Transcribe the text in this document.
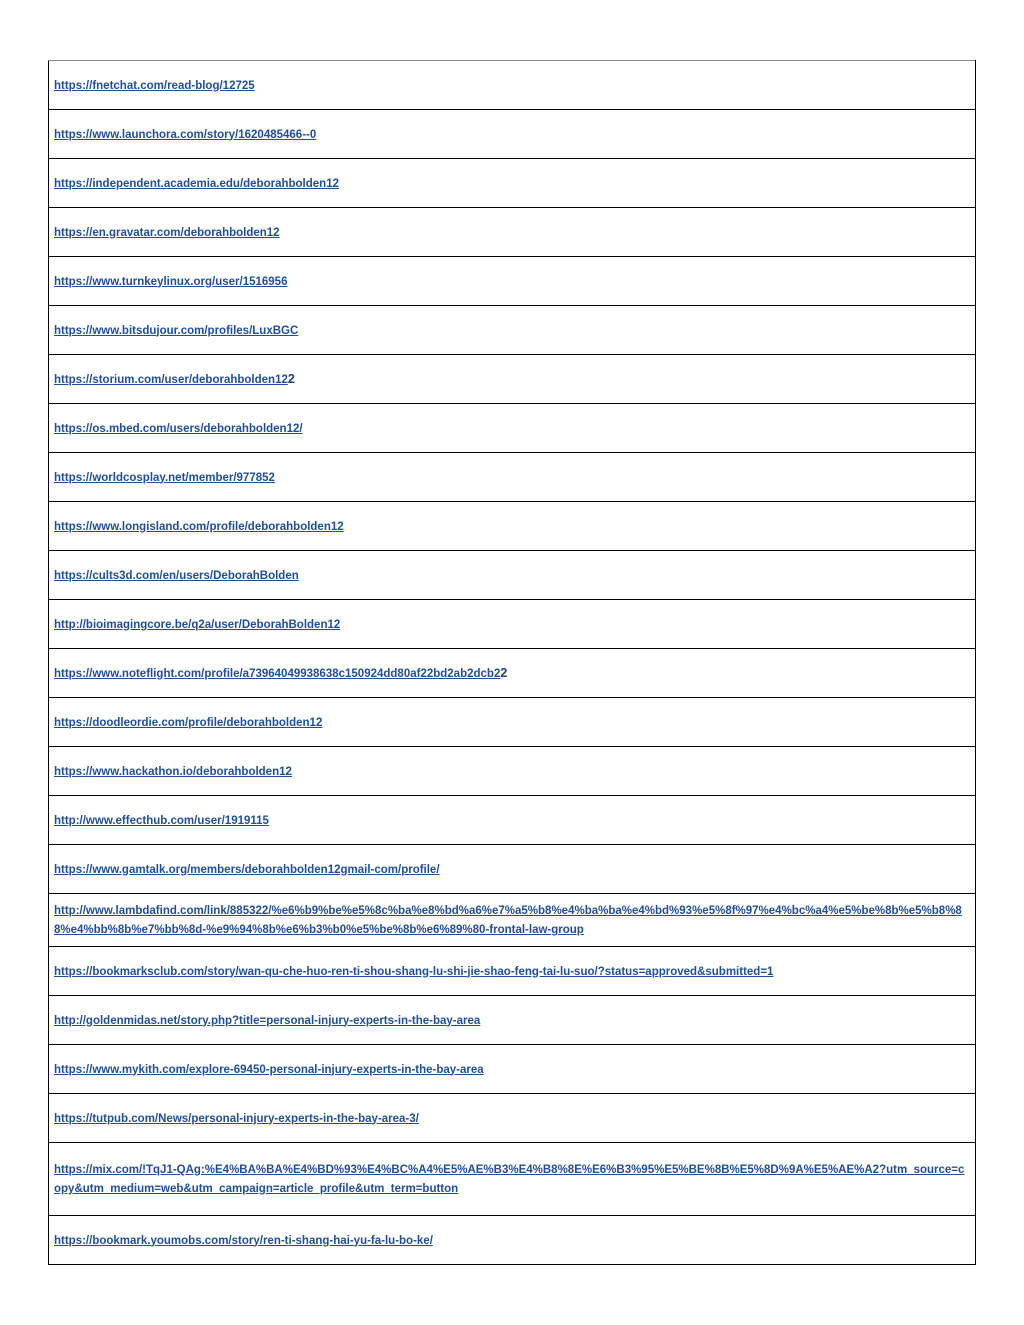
https://fnetchat.com/read-blog/12725
https://www.launchora.com/story/1620485466--0
https://independent.academia.edu/deborahbolden12
https://en.gravatar.com/deborahbolden12
https://www.turnkeylinux.org/user/1516956
https://www.bitsdujour.com/profiles/LuxBGC
https://storium.com/user/deborahbolden122
https://os.mbed.com/users/deborahbolden12/
https://worldcosplay.net/member/977852
https://www.longisland.com/profile/deborahbolden12
https://cults3d.com/en/users/DeborahBolden
http://bioimagingcore.be/q2a/user/DeborahBolden12
https://www.noteflight.com/profile/a73964049938638c150924dd80af22bd2ab2dcb22
https://doodleordie.com/profile/deborahbolden12
https://www.hackathon.io/deborahbolden12
http://www.effecthub.com/user/1919115
https://www.gamtalk.org/members/deborahbolden12gmail-com/profile/
http://www.lambdafind.com/link/885322/%e6%b9%be%e5%8c%ba%e8%bd%a6%e7%a5%b8%e4%ba%ba%e4%bd%93%e5%8f%97%e4%bc%a4%e5%be%8b%e5%b8%88%e4%bb%8b%e7%bb%8d-%e9%94%8b%e6%b3%b0%e5%be%8b%e6%89%80-frontal-law-group
https://bookmarksclub.com/story/wan-qu-che-huo-ren-ti-shou-shang-lu-shi-jie-shao-feng-tai-lu-suo/?status=approved&submitted=1
http://goldenmidas.net/story.php?title=personal-injury-experts-in-the-bay-area
https://www.mykith.com/explore-69450-personal-injury-experts-in-the-bay-area
https://tutpub.com/News/personal-injury-experts-in-the-bay-area-3/
https://mix.com/!TqJ1-QAg:%E4%BA%BA%E4%BD%93%E4%BC%A4%E5%AE%B3%E4%B8%8E%E6%B3%95%E5%BE%8B%E5%8D%9A%E5%AE%A2?utm_source=copy&utm_medium=web&utm_campaign=article_profile&utm_term=button
https://bookmark.youmobs.com/story/ren-ti-shang-hai-yu-fa-lu-bo-ke/
